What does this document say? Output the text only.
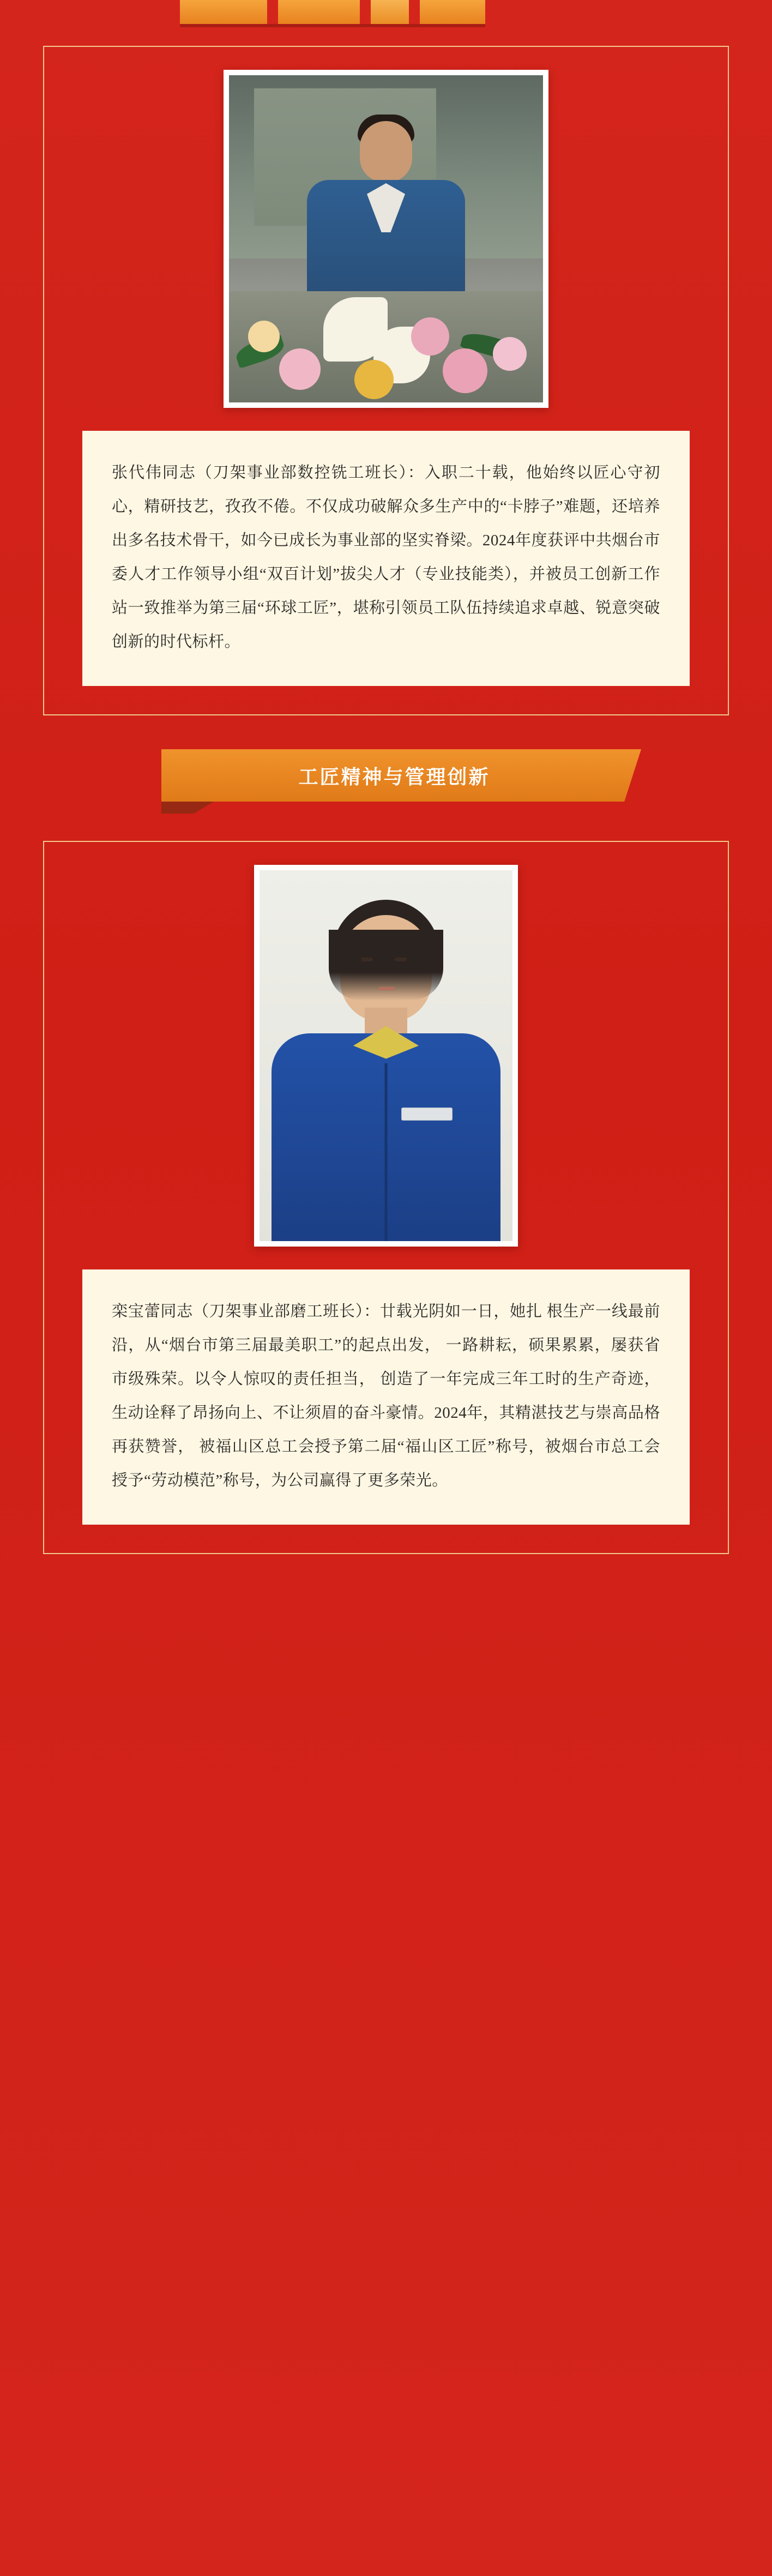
张代伟同志（刀架事业部数控铣工班长）：入职二十载，他始终以匠心守初心，精研技艺，孜孜不倦。不仅成功破解众多生产中的“卡脖子”难题，还培养出多名技术骨干，如今已成长为事业部的坚实脊梁。2024年度获评中共烟台市委人才工作领导小组“双百计划”拔尖人才（专业技能类），并被员工创新工作站一致推举为第三届“环球工匠”，堪称引领员工队伍持续追求卓越、锐意突破创新的时代标杆。

工匠精神与管理创新

栾宝蕾同志（刀架事业部磨工班长）：廿载光阴如一日，她扎 根生产一线最前沿，从“烟台市第三届最美职工”的起点出发， 一路耕耘，硕果累累，屡获省市级殊荣。以令人惊叹的责任担当， 创造了一年完成三年工时的生产奇迹，生动诠释了昂扬向上、不让须眉的奋斗豪情。2024年，其精湛技艺与崇高品格再获赞誉， 被福山区总工会授予第二届“福山区工匠”称号，被烟台市总工会授予“劳动模范”称号，为公司赢得了更多荣光。
